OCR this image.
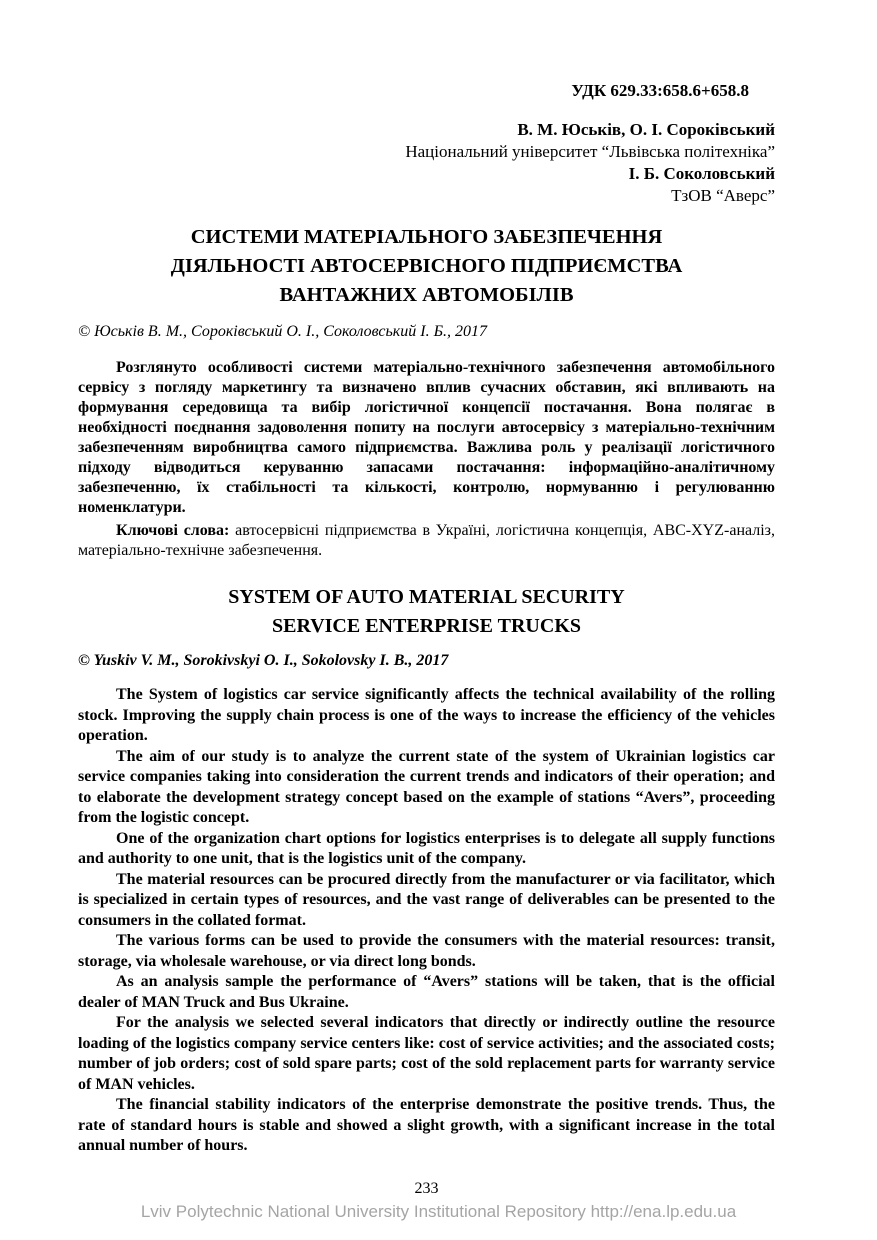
УДК 629.33:658.6+658.8
В. М. Юськів, О. І. Сороківський
Національний університет “Львівська політехніка”
І. Б. Соколовський
ТзОВ “Аверс”
СИСТЕМИ МАТЕРІАЛЬНОГО ЗАБЕЗПЕЧЕННЯ
ДІЯЛЬНОСТІ АВТОСЕРВІСНОГО ПІДПРИЄМСТВА
ВАНТАЖНИХ АВТОМОБІЛІВ
© Юськів В. М., Сороківський О. І., Соколовський І. Б., 2017

Розглянуто особливості системи матеріально-технічного забезпечення автомобільного сервісу з погляду маркетингу та визначено вплив сучасних обставин, які впливають на формування середовища та вибір логістичної концепсії постачання. Вона полягає в необхідності поєднання задоволення попиту на послуги автосервісу з матеріально-технічним забезпеченням виробництва самого підприємства. Важлива роль у реалізації логістичного підходу відводиться керуванню запасами постачання: інформаційно-аналітичному забезпеченню, їх стабільності та кількості, контролю, нормуванню і регулюванню номенклатури.

Ключові слова: автосервісні підприємства в Україні, логістична концепція, ABC-XYZ-аналіз, матеріально-технічне забезпечення.

SYSTEM OF AUTO MATERIAL SECURITY
SERVICE ENTERPRISE TRUCKS
© Yuskiv V. M., Sorokivskyi O. I., Sokolovsky I. B., 2017

The System of logistics car service significantly affects the technical availability of the rolling stock. Improving the supply chain process is one of the ways to increase the efficiency of the vehicles operation.

The aim of our study is to analyze the current state of the system of Ukrainian logistics car service companies taking into consideration the current trends and indicators of their operation; and to elaborate the development strategy concept based on the example of stations “Avers”, proceeding from the logistic concept.

One of the organization chart options for logistics enterprises is to delegate all supply functions and authority to one unit, that is the logistics unit of the company.

The material resources can be procured directly from the manufacturer or via facilitator, which is specialized in certain types of resources, and the vast range of deliverables can be presented to the consumers in the collated format.

The various forms can be used to provide the consumers with the material resources: transit, storage, via wholesale warehouse, or via direct long bonds.

As an analysis sample the performance of “Avers” stations will be taken, that is the official dealer of MAN Truck and Bus Ukraine.

For the analysis we selected several indicators that directly or indirectly outline the resource loading of the logistics company service centers like: cost of service activities; and the associated costs; number of job orders; cost of sold spare parts; cost of the sold replacement parts for warranty service of MAN vehicles.

The financial stability indicators of the enterprise demonstrate the positive trends. Thus, the rate of standard hours is stable and showed a slight growth, with a significant increase in the total annual number of hours.

233
Lviv Polytechnic National University Institutional Repository http://ena.lp.edu.ua
